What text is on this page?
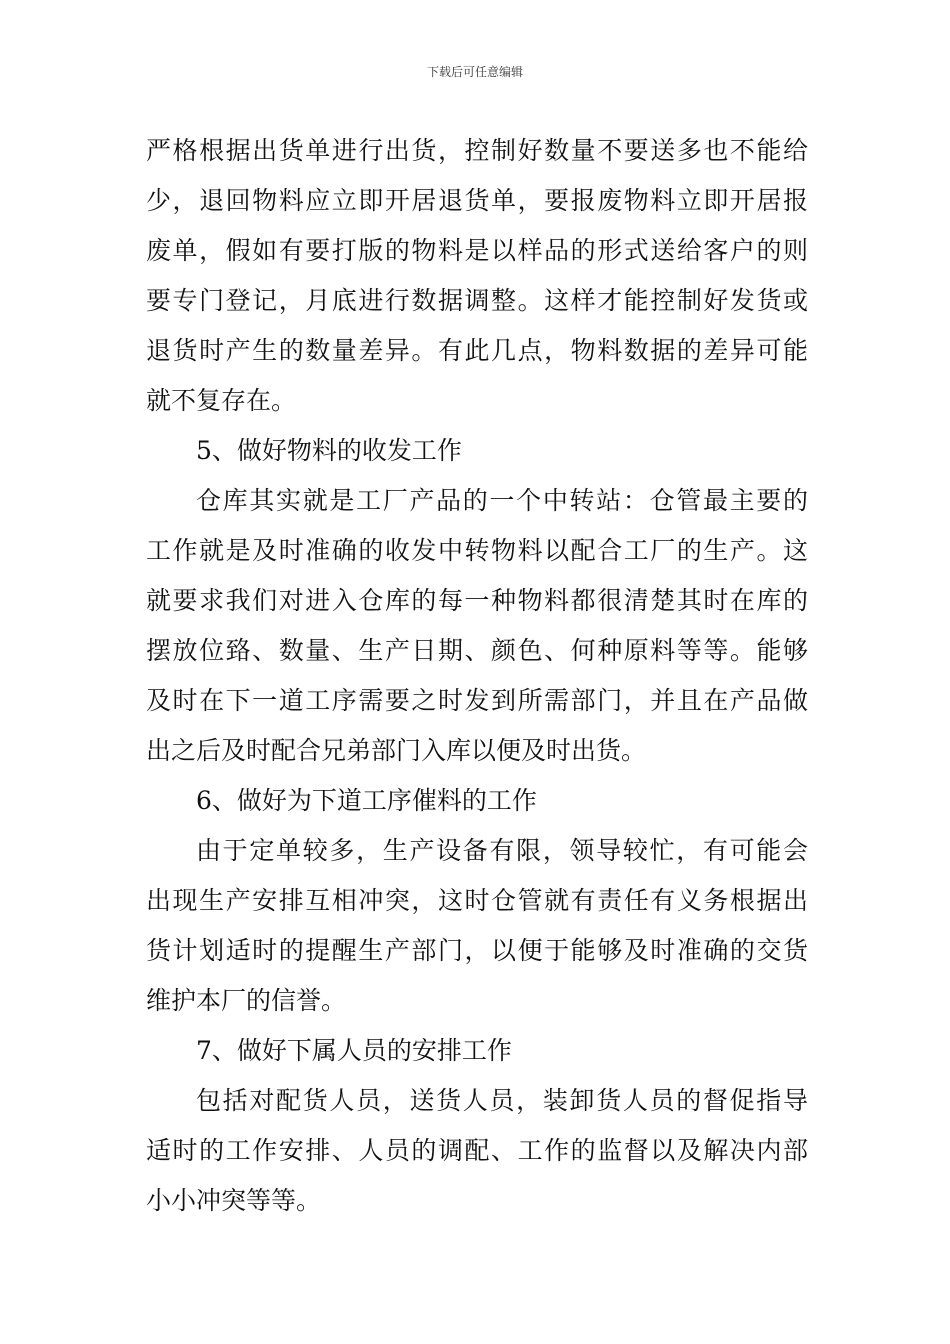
下载后可任意编辑
严格根据出货单进行出货，控制好数量不要送多也不能给
少，退回物料应立即开居退货单，要报废物料立即开居报
废单，假如有要打版的物料是以样品的形式送给客户的则
要专门登记，月底进行数据调整。这样才能控制好发货或
退货时产生的数量差异。有此几点，物料数据的差异可能
就不复存在。
5、做好物料的收发工作
仓库其实就是工厂产品的一个中转站：仓管最主要的
工作就是及时准确的收发中转物料以配合工厂的生产。这
就要求我们对进入仓库的每一种物料都很清楚其时在库的
摆放位臵、数量、生产日期、颜色、何种原料等等。能够
及时在下一道工序需要之时发到所需部门，并且在产品做
出之后及时配合兄弟部门入库以便及时出货。
6、做好为下道工序催料的工作
由于定单较多，生产设备有限，领导较忙，有可能会
出现生产安排互相冲突，这时仓管就有责任有义务根据出
货计划适时的提醒生产部门，以便于能够及时准确的交货
维护本厂的信誉。
7、做好下属人员的安排工作
包括对配货人员，送货人员，装卸货人员的督促指导
适时的工作安排、人员的调配、工作的监督以及解决内部
小小冲突等等。
